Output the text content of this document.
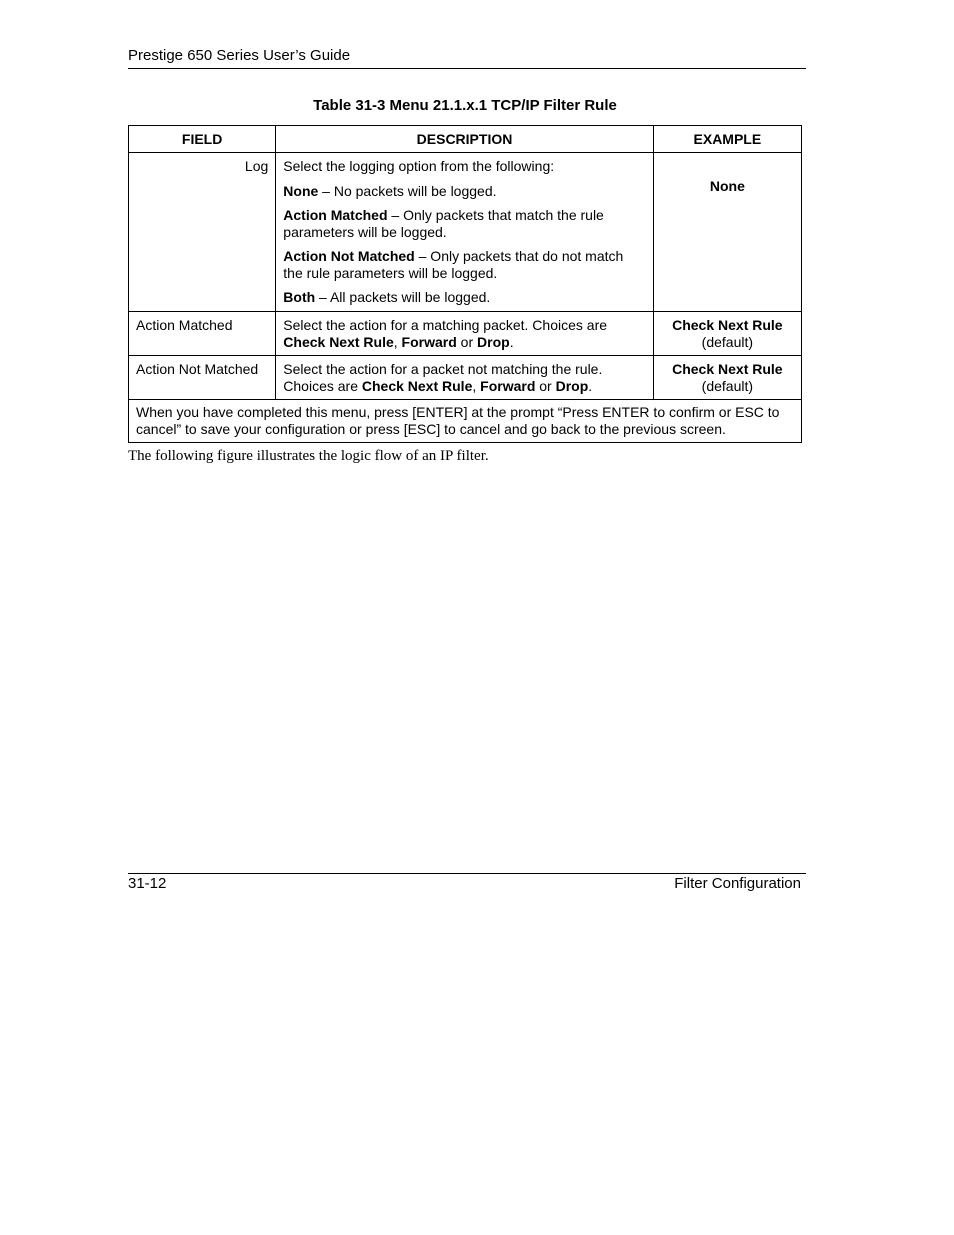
Prestige 650 Series User’s Guide
Table 31-3 Menu 21.1.x.1 TCP/IP Filter Rule
FIELD	DESCRIPTION	EXAMPLE

Log	Select the logging option from the following:

None – No packets will be logged.

Action Matched – Only packets that match the rule parameters will be logged.

Action Not Matched – Only packets that do not match the rule parameters will be logged.

Both – All packets will be logged.	None

Action Matched	Select the action for a matching packet. Choices are Check Next Rule, Forward or Drop.	Check Next Rule
(default)

Action Not Matched	Select the action for a packet not matching the rule. Choices are Check Next Rule, Forward or Drop.	Check Next Rule
(default)

When you have completed this menu, press [ENTER] at the prompt “Press ENTER to confirm or ESC to cancel” to save your configuration or press [ESC] to cancel and go back to the previous screen.		
The following figure illustrates the logic flow of an IP filter.
31-12	Filter Configuration
